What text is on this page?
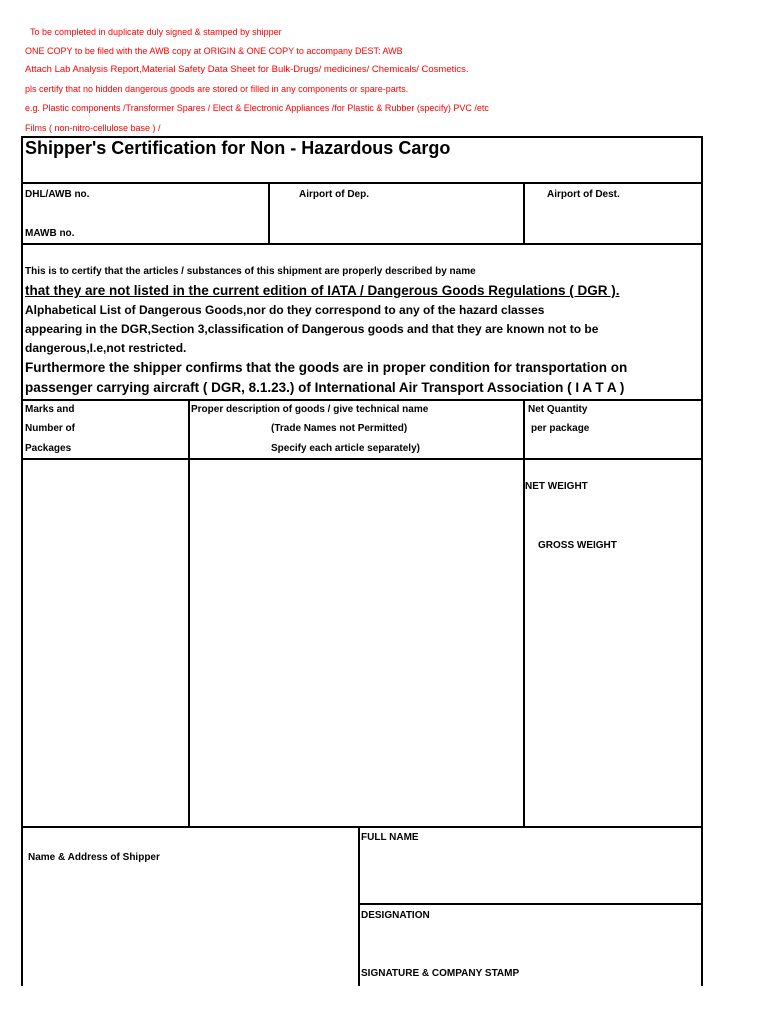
To be completed in duplicate duly signed & stamped by shipper
ONE COPY to be filed with the AWB copy at ORIGIN & ONE COPY to accompany DEST: AWB
Attach Lab Analysis Report,Material Safety Data Sheet for Bulk-Drugs/ medicines/ Chemicals/ Cosmetics.
pls certify that no hidden dangerous goods are stored or filled in any components or spare-parts.
e.g. Plastic components /Transformer Spares / Elect & Electronic Appliances /for Plastic & Rubber (specify) PVC /etc
Films ( non-nitro-cellulose base ) /
Shipper's Certification for Non - Hazardous Cargo
DHL/AWB no.
MAWB no.
Airport of Dep.	Airport of Dest.
This is to certify that the articles / substances of this shipment are properly described by name
that they are not listed in the current edition of IATA / Dangerous Goods Regulations ( DGR ).
Alphabetical List of Dangerous Goods,nor do they correspond to any of the hazard classes
appearing in the DGR,Section 3,classification of Dangerous goods and that they are known not to be
dangerous,I.e,not restricted.
Furthermore the shipper confirms that the goods are in proper condition for transportation on
passenger carrying aircraft ( DGR, 8.1.23.) of International Air Transport Association ( I A T A )
Marks and
Number of
Packages
Proper description of goods / give technical name
(Trade Names not Permitted)
Specify each article separately)
Net Quantity
per package
NET WEIGHT
GROSS WEIGHT
Name & Address of Shipper
FULL NAME
DESIGNATION
SIGNATURE & COMPANY STAMP
